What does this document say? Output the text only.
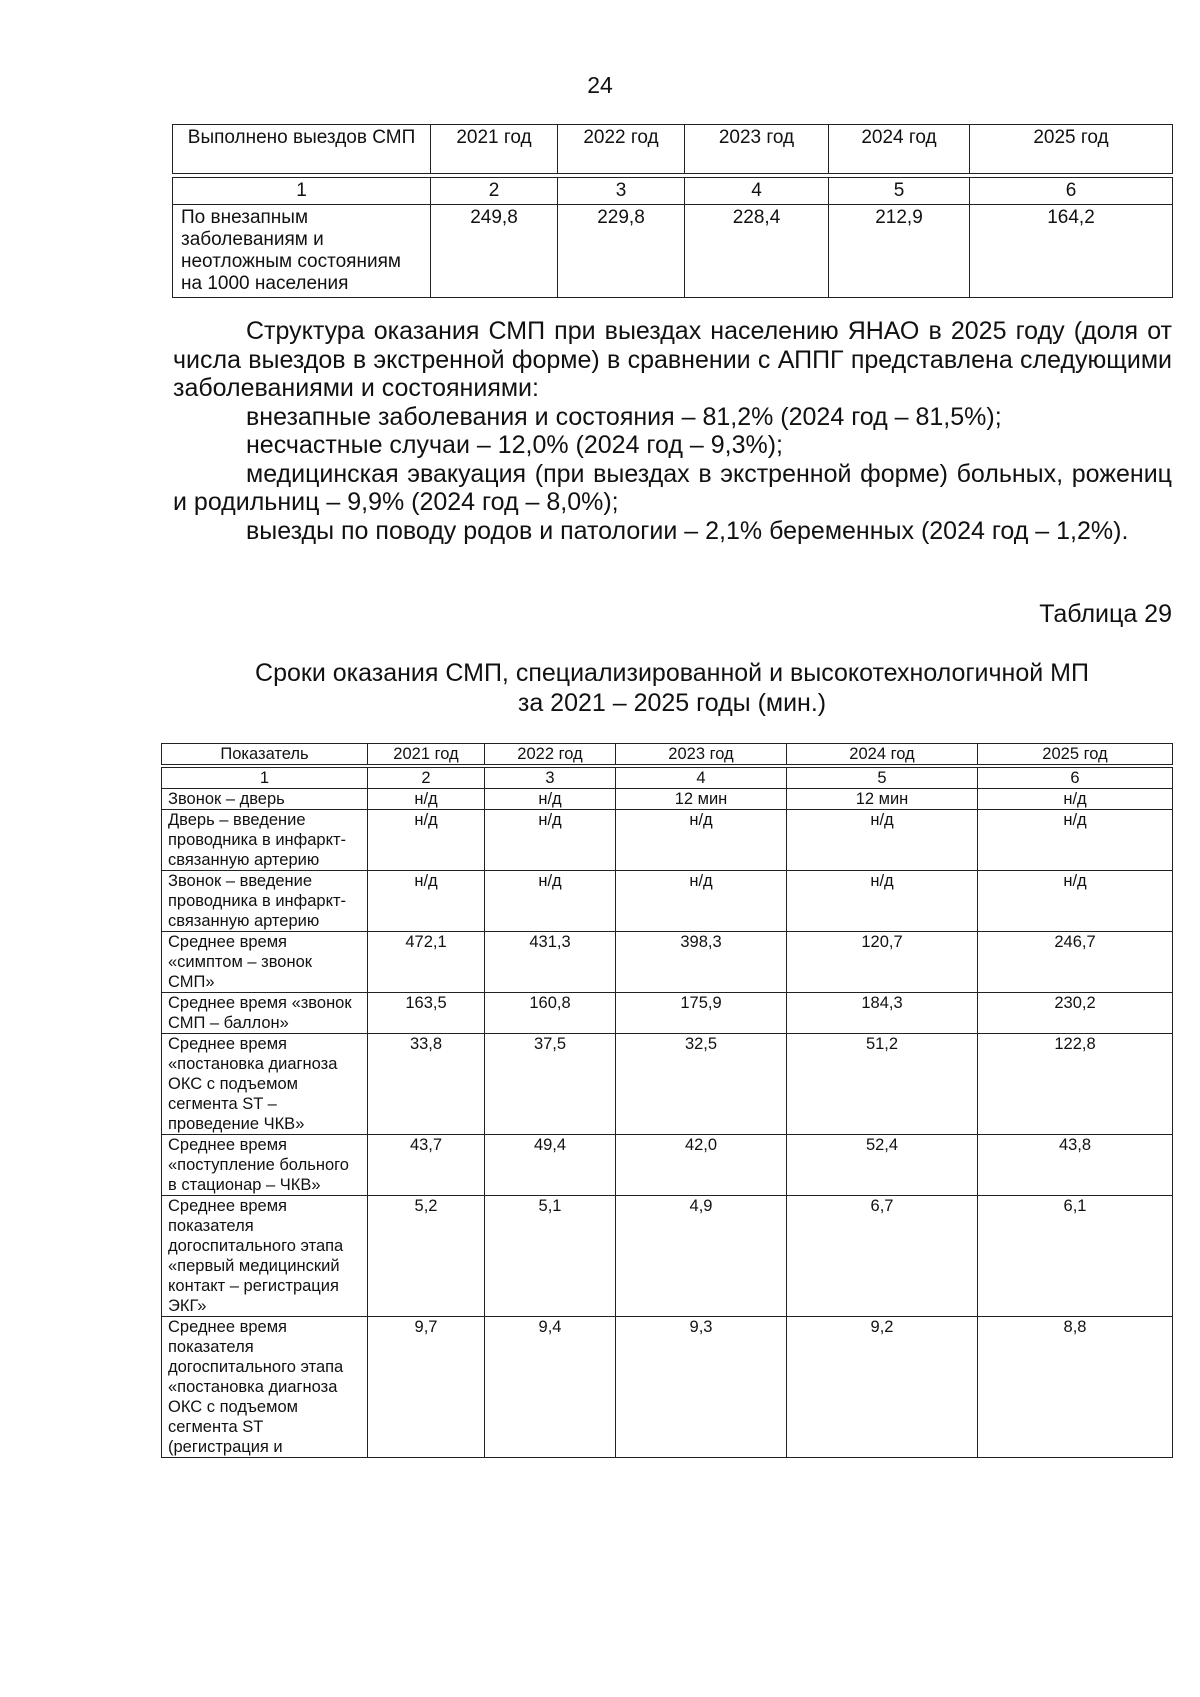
24
Выполнено выездов СМП	2021 год	2022 год	2023 год	2024 год	2025 год

1	2	3	4	5	6
По внезапным заболеваниям и неотложным состояниям на 1000 населения	249,8	229,8	228,4	212,9	164,2

Структура оказания СМП при выездах населению ЯНАО в 2025 году (доля от числа выездов в экстренной форме) в сравнении с АППГ представлена следующими заболеваниями и состояниями:

внезапные заболевания и состояния – 81,2% (2024 год – 81,5%);

несчастные случаи – 12,0% (2024 год – 9,3%);

медицинская эвакуация (при выездах в экстренной форме) больных, рожениц и родильниц – 9,9% (2024 год – 8,0%);

выезды по поводу родов и патологии – 2,1% беременных (2024 год – 1,2%).

Таблица 29
Сроки оказания СМП, специализированной и высокотехнологичной МП
за 2021 – 2025 годы (мин.)
Показатель	2021 год	2022 год	2023 год	2024 год	2025 год

1	2	3	4	5	6
Звонок – дверь	н/д	н/д	12 мин	12 мин	н/д
Дверь – введение проводника в инфаркт-связанную артерию	н/д	н/д	н/д	н/д	н/д
Звонок – введение проводника в инфаркт-связанную артерию	н/д	н/д	н/д	н/д	н/д
Среднее время «симптом – звонок СМП»	472,1	431,3	398,3	120,7	246,7
Среднее время «звонок СМП – баллон»	163,5	160,8	175,9	184,3	230,2
Среднее время «постановка диагноза ОКС с подъемом сегмента ST – проведение ЧКВ»	33,8	37,5	32,5	51,2	122,8
Среднее время «поступление больного в стационар – ЧКВ»	43,7	49,4	42,0	52,4	43,8
Среднее время показателя догоспитального этапа «первый медицинский контакт – регистрация ЭКГ»	5,2	5,1	4,9	6,7	6,1
Среднее время показателя догоспитального этапа «постановка диагноза ОКС с подъемом сегмента ST (регистрация и	9,7	9,4	9,3	9,2	8,8
